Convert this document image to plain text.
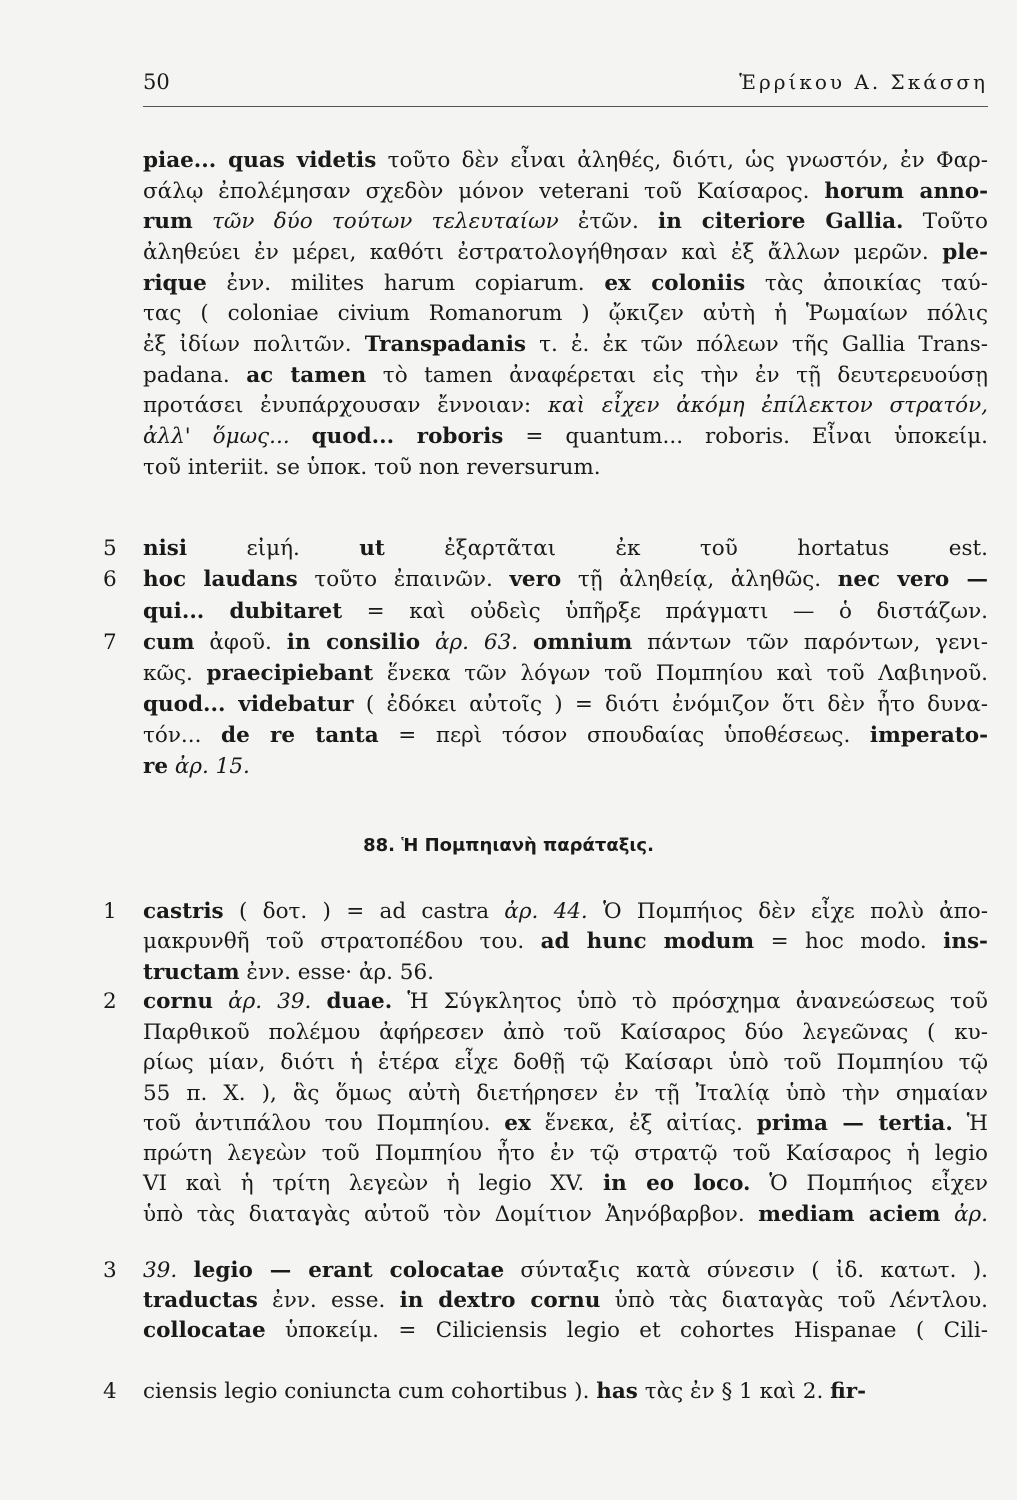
50	Ἑρρίκου Α. Σκάσση
5
6
7
1
2
3
4
88. Ἡ Πομπηιανὴ παράταξις.
piae... quas videtis τοῦτο δὲν εἶναι ἀληθές, διότι, ὡς γνωστόν, ἐν Φαρ-
σάλῳ ἐπολέμησαν σχεδὸν μόνον veterani τοῦ Καίσαρος. horum anno-
rum τῶν δύο τούτων τελευταίων ἐτῶν. in citeriore Gallia. Τοῦτο
ἀληθεύει ἐν μέρει, καθότι ἐστρατολογήθησαν καὶ ἐξ ἄλλων μερῶν. ple-
rique ἐνν. milites harum copiarum. ex coloniis τὰς ἀποικίας ταύ-
τας ( coloniae civium Romanorum ) ᾤκιζεν αὐτὴ ἡ Ῥωμαίων πόλις
ἐξ ἰδίων πολιτῶν. Transpadanis τ. ἐ. ἐκ τῶν πόλεων τῆς Gallia Trans-
padana. ac tamen τὸ tamen ἀναφέρεται εἰς τὴν ἐν τῇ δευτερευούσῃ
προτάσει ἐνυπάρχουσαν ἔννοιαν: καὶ εἶχεν ἀκόμη ἐπίλεκτον στρατόν,
ἀλλ' ὅμως... quod... roboris = quantum... roboris. Εἶναι ὑποκείμ.
τοῦ interiit. se ὑποκ. τοῦ non reversurum.
nisi εἰμή. ut ἐξαρτᾶται ἐκ τοῦ hortatus est.
hoc laudans τοῦτο ἐπαινῶν. vero τῇ ἀληθείᾳ, ἀληθῶς. nec vero —
qui... dubitaret = καὶ οὐδεὶς ὑπῆρξε πράγματι — ὁ διστάζων.
cum ἀφοῦ. in consilio ἀρ. 63. omnium πάντων τῶν παρόντων, γενι-
κῶς. praecipiebant ἕνεκα τῶν λόγων τοῦ Πομπηίου καὶ τοῦ Λαβιηνοῦ.
quod... videbatur ( ἐδόκει αὐτοῖς ) = διότι ἐνόμιζον ὅτι δὲν ἦτο δυνα-
τόν... de re tanta = περὶ τόσον σπουδαίας ὑποθέσεως. imperato-
re ἀρ. 15.
castris ( δοτ. ) = ad castra ἀρ. 44. Ὁ Πομπήιος δὲν εἶχε πολὺ ἀπο-
μακρυνθῆ τοῦ στρατοπέδου του. ad hunc modum = hoc modo. ins-
tructam ἐνν. esse· ἀρ. 56.
cornu ἀρ. 39. duae. Ἡ Σύγκλητος ὑπὸ τὸ πρόσχημα ἀνανεώσεως τοῦ
Παρθικοῦ πολέμου ἀφήρεσεν ἀπὸ τοῦ Καίσαρος δύο λεγεῶνας ( κυ-
ρίως μίαν, διότι ἡ ἑτέρα εἶχε δοθῇ τῷ Καίσαρι ὑπὸ τοῦ Πομπηίου τῷ
55 π. Χ. ), ἃς ὅμως αὐτὴ διετήρησεν ἐν τῇ Ἰταλίᾳ ὑπὸ τὴν σημαίαν
τοῦ ἀντιπάλου του Πομπηίου. ex ἕνεκα, ἐξ αἰτίας. prima — tertia. Ἡ
πρώτη λεγεὼν τοῦ Πομπηίου ἦτο ἐν τῷ στρατῷ τοῦ Καίσαρος ἡ legio
VI καὶ ἡ τρίτη λεγεὼν ἡ legio XV. in eo loco. Ὁ Πομπήιος εἶχεν
ὑπὸ τὰς διαταγὰς αὐτοῦ τὸν Δομίτιον Ἀηνόβαρβον. mediam aciem ἀρ.
39. legio — erant colocatae σύνταξις κατὰ σύνεσιν ( ἰδ. κατωτ. ).
traductas ἐνν. esse. in dextro cornu ὑπὸ τὰς διαταγὰς τοῦ Λέντλου.
collocatae ὑποκείμ. = Ciliciensis legio et cohortes Hispanae ( Cili-
ciensis legio coniuncta cum cohortibus ). has τὰς ἐν § 1 καὶ 2. fir-
